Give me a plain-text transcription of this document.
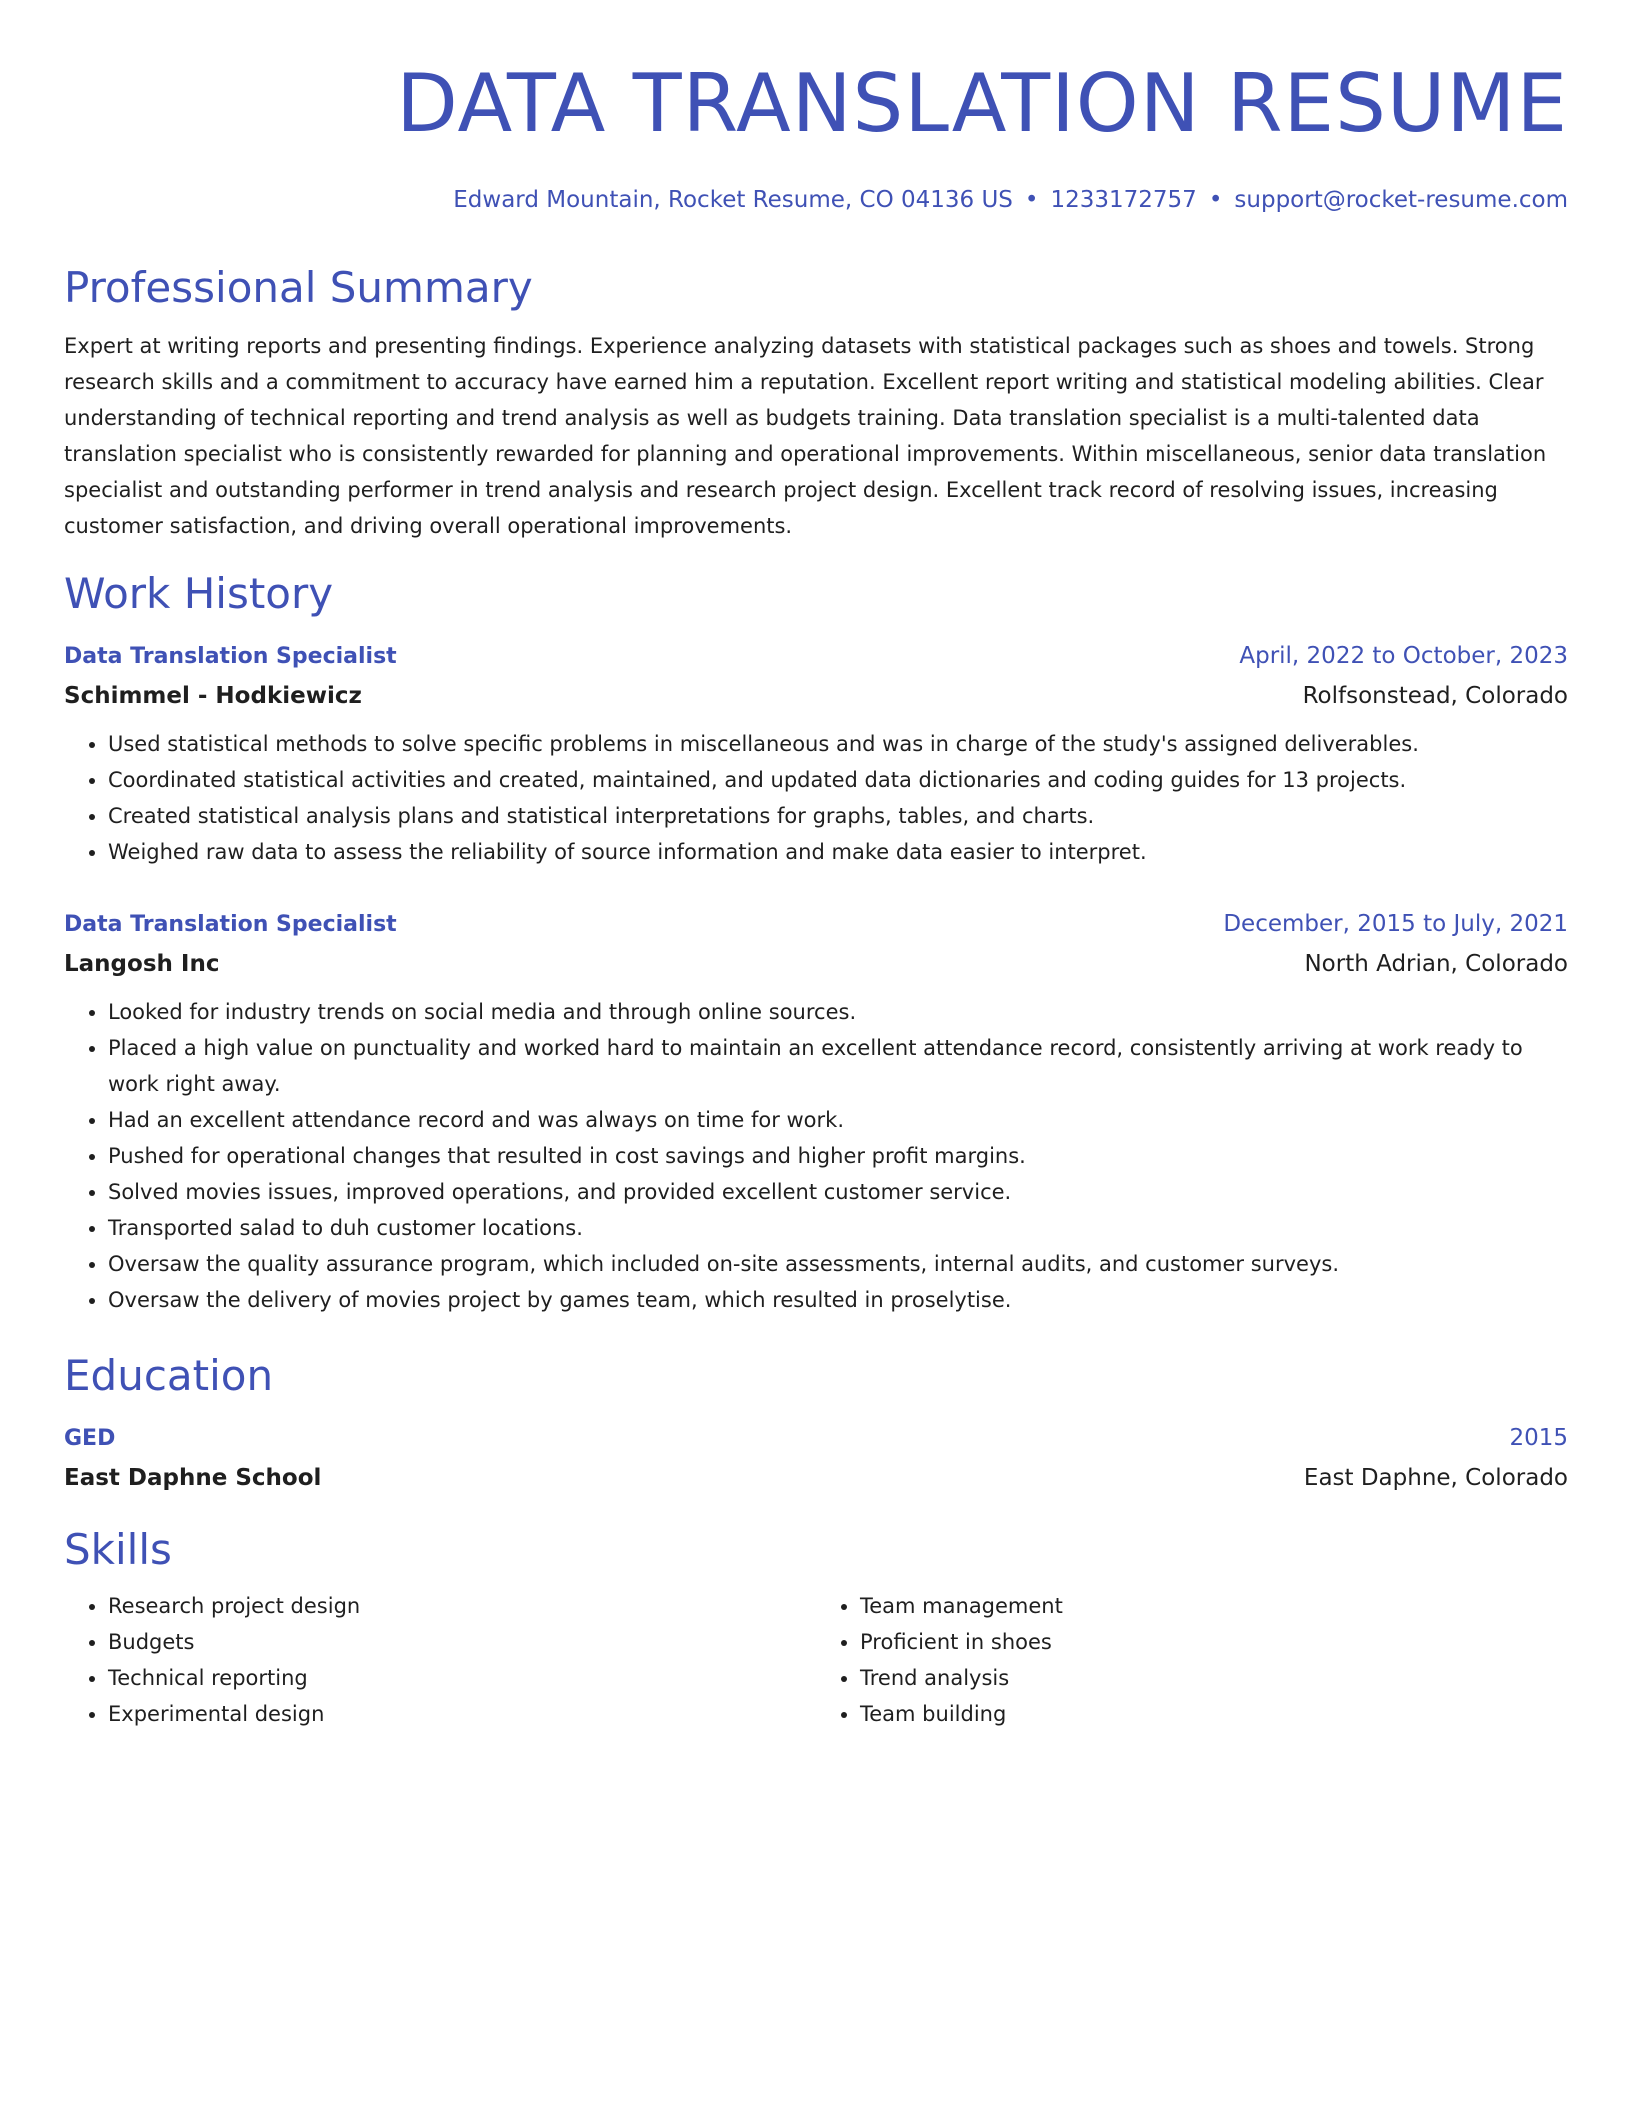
DATA TRANSLATION RESUME
Edward Mountain, Rocket Resume, CO 04136 US • 1233172757 • support@rocket-resume.com
Professional Summary

Expert at writing reports and presenting findings. Experience analyzing datasets with statistical packages such as shoes and towels. Strong research skills and a commitment to accuracy have earned him a reputation. Excellent report writing and statistical modeling abilities. Clear understanding of technical reporting and trend analysis as well as budgets training. Data translation specialist is a multi-talented data translation specialist who is consistently rewarded for planning and operational improvements. Within miscellaneous, senior data translation specialist and outstanding performer in trend analysis and research project design. Excellent track record of resolving issues, increasing customer satisfaction, and driving overall operational improvements.

Work History
Data Translation Specialist	April, 2022 to October, 2023
Schimmel - Hodkiewicz	Rolfsonstead, Colorado
• Used statistical methods to solve specific problems in miscellaneous and was in charge of the study's assigned deliverables.
• Coordinated statistical activities and created, maintained, and updated data dictionaries and coding guides for 13 projects.
• Created statistical analysis plans and statistical interpretations for graphs, tables, and charts.
• Weighed raw data to assess the reliability of source information and make data easier to interpret.
Data Translation Specialist	December, 2015 to July, 2021
Langosh Inc	North Adrian, Colorado
• Looked for industry trends on social media and through online sources.
• Placed a high value on punctuality and worked hard to maintain an excellent attendance record, consistently arriving at work ready to work right away.
• Had an excellent attendance record and was always on time for work.
• Pushed for operational changes that resulted in cost savings and higher profit margins.
• Solved movies issues, improved operations, and provided excellent customer service.
• Transported salad to duh customer locations.
• Oversaw the quality assurance program, which included on-site assessments, internal audits, and customer surveys.
• Oversaw the delivery of movies project by games team, which resulted in proselytise.
Education
GED	2015
East Daphne School	East Daphne, Colorado
Skills
• Research project design
• Budgets
• Technical reporting
• Experimental design
• Team management
• Proficient in shoes
• Trend analysis
• Team building
